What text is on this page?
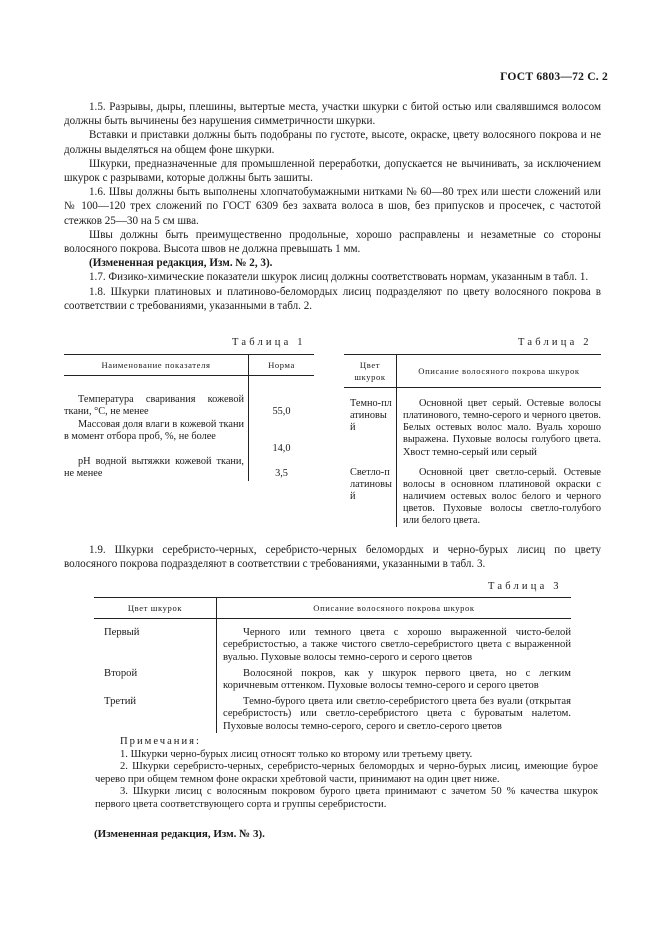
ГОСТ 6803—72 С. 2

1.5. Разрывы, дыры, плешины, вытертые места, участки шкурки с битой остью или свалявшимся волосом должны быть вычинены без нарушения симметричности шкурки.

Вставки и приставки должны быть подобраны по густоте, высоте, окраске, цвету волосяного покрова и не должны выделяться на общем фоне шкурки.

Шкурки, предназначенные для промышленной переработки, допускается не вычинивать, за исключением шкурок с разрывами, которые должны быть зашиты.

1.6. Швы должны быть выполнены хлопчатобумажными нитками № 60—80 трех или шести сложений или № 100—120 трех сложений по ГОСТ 6309 без захвата волоса в шов, без припусков и просечек, с частотой стежков 25—30 на 5 см шва.

Швы должны быть преимущественно продольные, хорошо расправлены и незаметные со стороны волосяного покрова. Высота швов не должна превышать 1 мм.

(Измененная редакция, Изм. № 2, 3).

1.7. Физико-химические показатели шкурок лисиц должны соответствовать нормам, указанным в табл. 1.

1.8. Шкурки платиновых и платиново-беломордых лисиц подразделяют по цвету волосяного покрова в соответствии с требованиями, указанными в табл. 2.

Таблица 1	Таблица 2
Наименование показателя	Норма
Температура сваривания кожевой ткани, °С, не менее	55,0
Массовая доля влаги в кожевой ткани в момент отбора проб, %, не более	14,0
рН водной вытяжки кожевой ткани, не менее	3,5
Цвет шкурок	Описание волосяного покрова шкурок
Темно-платиновый	Основной цвет серый. Остевые волосы платинового, темно-серого и черного цветов. Белых остевых волос мало. Вуаль хорошо выражена. Пуховые волосы голубого цвета. Хвост темно-серый или серый
Светло-платиновый	Основной цвет светло-серый. Остевые волосы в основном платиновой окраски с наличием остевых волос белого и черного цветов. Пуховые волосы светло-голубого или белого цвета.
1.9. Шкурки серебристо-черных, серебристо-черных беломордых и черно-бурых лисиц по цвету волосяного покрова подразделяют в соответствии с требованиями, указанными в табл. 3.
Таблица 3
Цвет шкурок	Описание волосяного покрова шкурок
Первый	Черного или темного цвета с хорошо выраженной чисто-белой серебристостью, а также чистого светло-серебристого цвета с выраженной вуалью. Пуховые волосы темно-серого и серого цветов
Второй	Волосяной покров, как у шкурок первого цвета, но с легким коричневым оттенком. Пуховые волосы темно-серого и серого цветов
Третий	Темно-бурого цвета или светло-серебристого цвета без вуали (открытая серебристость) или светло-серебристого цвета с буроватым налетом. Пуховые волосы темно-серого, серого и светло-серого цветов

Примечания:

1. Шкурки черно-бурых лисиц относят только ко второму или третьему цвету.

2. Шкурки серебристо-черных, серебристо-черных беломордых и черно-бурых лисиц, имеющие бурое черево при общем темном фоне окраски хребтовой части, принимают на один цвет ниже.

3. Шкурки лисиц с волосяным покровом бурого цвета принимают с зачетом 50 % качества шкурок первого цвета соответствующего сорта и группы серебристости.

(Измененная редакция, Изм. № 3).
